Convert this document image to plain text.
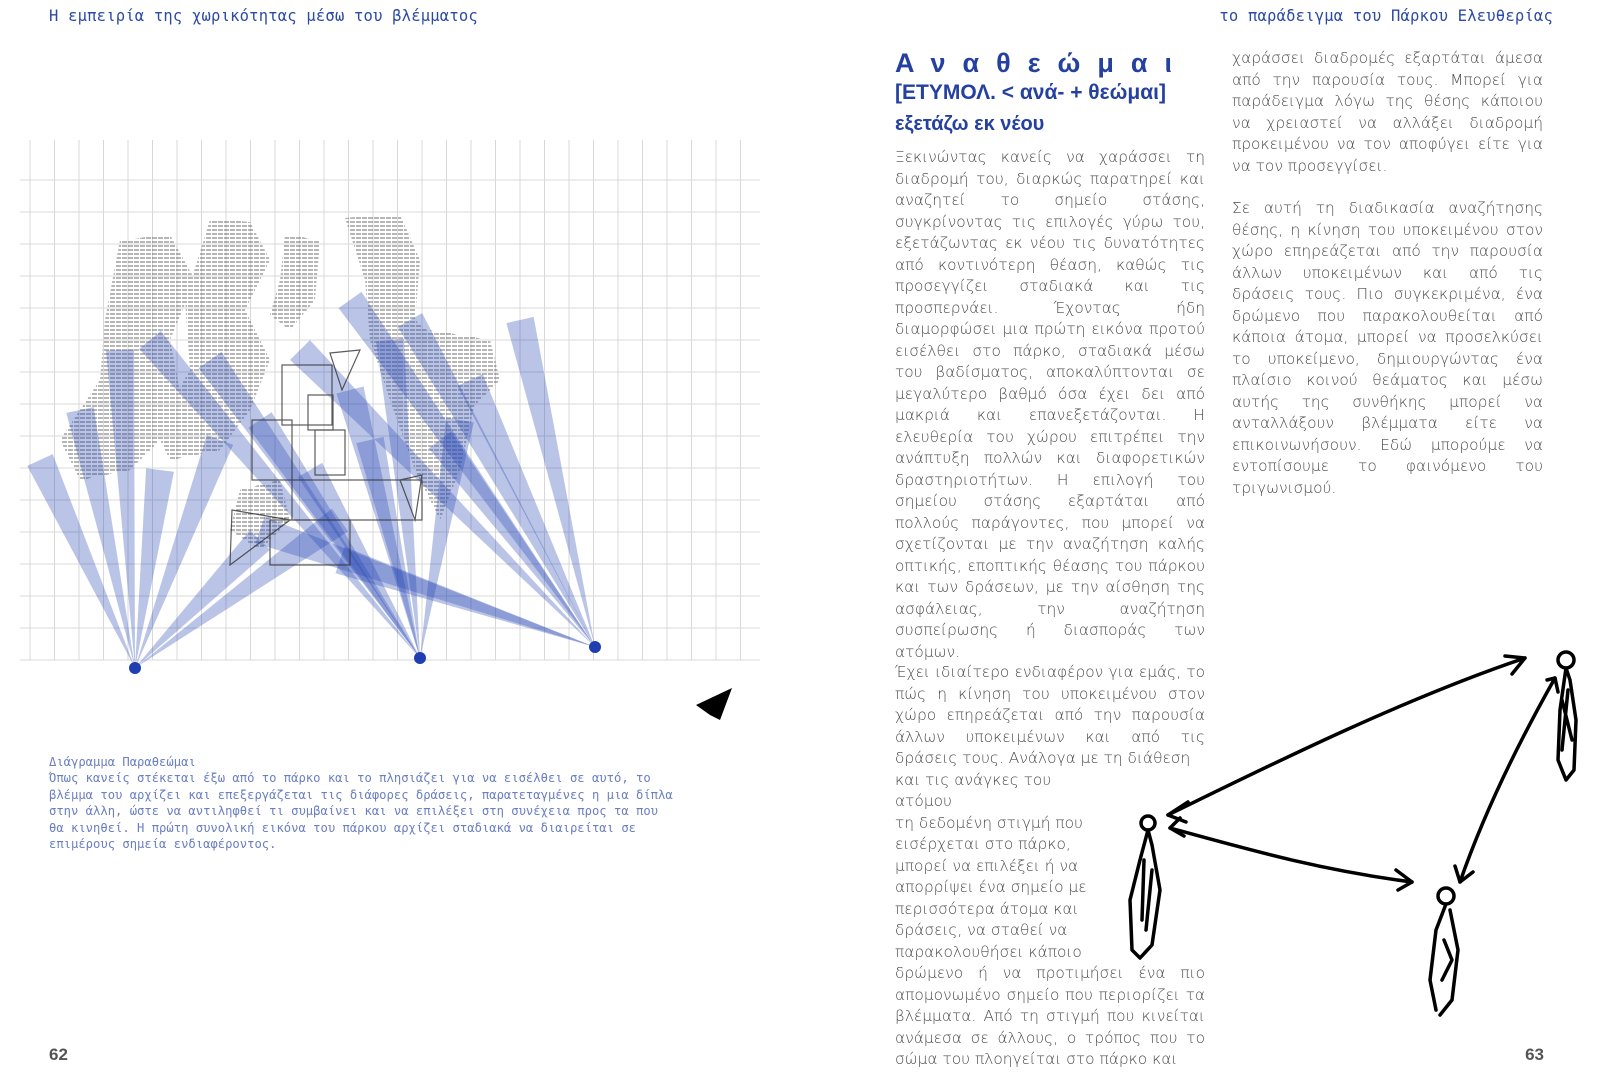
Η εμπειρία της χωρικότητας μέσω του βλέμματος	το παράδειγμα του Πάρκου Ελευθερίας

Διάγραμμα Παραθεώμαι

Όπως κανείς στέκεται έξω από το πάρκο και το πλησιάζει για να εισέλθει σε αυτό, το

βλέμμα του αρχίζει και επεξεργάζεται τις διάφορες δράσεις, παρατεταγμένες η μια δίπλα

στην άλλη, ώστε να αντιληφθεί τι συμβαίνει και να επιλέξει στη συνέχεια προς τα που

θα κινηθεί. Η πρώτη συνολική εικόνα του πάρκου αρχίζει σταδιακά να διαιρείται σε

επιμέρους σημεία ενδιαφέροντος.

62
Αναθεώμαι
[ΕΤΥΜΟΛ. < ανά- + θεώμαι]
εξετάζω εκ νέου

Ξεκινώντας κανείς να χαράσσει τη διαδρομή του, διαρκώς παρατηρεί και αναζητεί το σημείο στάσης, συγκρίνοντας τις επιλογές γύρω του, εξετάζωντας εκ νέου τις δυνατότητες από κοντινότερη θέαση, καθώς τις προσεγγίζει σταδιακά και τις προσπερνάει. Έχοντας ήδη διαμορφώσει μια πρώτη εικόνα προτού εισέλθει στο πάρκο, σταδιακά μέσω του βαδίσματος, αποκαλύπτονται σε μεγαλύτερο βαθμό όσα έχει δει από μακριά και επανεξετάζονται. Η ελευθερία του χώρου επιτρέπει την ανάπτυξη πολλών και διαφορετικών δραστηριοτήτων. Η επιλογή του σημείου στάσης εξαρτάται από πολλούς παράγοντες, που μπορεί να σχετίζονται με την αναζήτηση καλής οπτικής, εποπτικής θέασης του πάρκου και των δράσεων, με την αίσθηση της ασφάλειας, την αναζήτηση συσπείρωσης ή διασποράς των ατόμων.

Έχει ιδιαίτερο ενδιαφέρον για εμάς, το πώς η κίνηση του υποκειμένου στον χώρο επηρεάζεται από την παρουσία άλλων υποκειμένων και από τις δράσεις τους. Ανάλογα με τη διάθεση

και τις ανάγκες του ατόμου
τη δεδομένη στιγμή που
εισέρχεται στο πάρκο,
μπορεί να επιλέξει ή να
απορρίψει ένα σημείο με
περισσότερα άτομα και
δράσεις, να σταθεί να
παρακολουθήσει κάποιο

δρώμενο ή να προτιμήσει ένα πιο απομονωμένο σημείο που περιορίζει τα βλέμματα. Από τη στιγμή που κινείται ανάμεσα σε άλλους, ο τρόπος που το σώμα του πλοηγείται στο πάρκο και

χαράσσει διαδρομές εξαρτάται άμεσα από την παρουσία τους. Μπορεί για παράδειγμα λόγω της θέσης κάποιου να χρειαστεί να αλλάξει διαδρομή προκειμένου να τον αποφύγει είτε για να τον προσεγγίσει.

Σε αυτή τη διαδικασία αναζήτησης θέσης, η κίνηση του υποκειμένου στον χώρο επηρεάζεται από την παρουσία άλλων υποκειμένων και από τις δράσεις τους. Πιο συγκεκριμένα, ένα δρώμενο που παρακολουθείται από κάποια άτομα, μπορεί να προσελκύσει το υποκείμενο, δημιουργώντας ένα πλαίσιο κοινού θεάματος και μέσω αυτής της συνθήκης μπορεί να ανταλλάξουν βλέμματα είτε να επικοινωνήσουν. Εδώ μπορούμε να εντοπίσουμε το φαινόμενο του τριγωνισμού.

63
